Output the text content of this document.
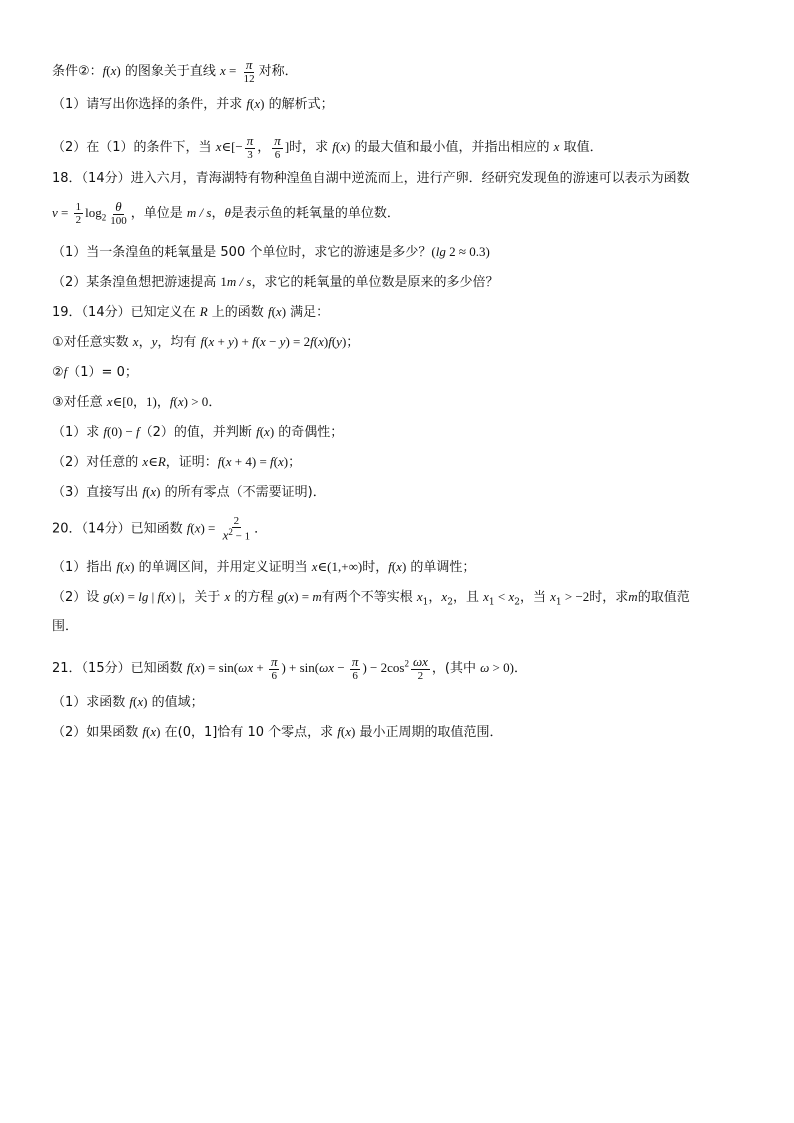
条件②：f(x) 的图象关于直线 $x = \frac{\pi}{12}$ 对称．
（1）请写出你选择的条件，并求 f(x) 的解析式；
（2）在（1）的条件下，当 x∈[− $\frac{\pi}{3}$ ， $\frac{\pi}{6}$ ]时，求 f(x) 的最大值和最小值，并指出相应的 x 取值．
18．（14分）进入六月，青海湖特有物种湟鱼自湖中逆流而上，进行产卵．经研究发现鱼的游速可以表示为函数
$v = \frac{1}{2} \log_2 \frac{\theta}{100}$ ，单位是 m / s，θ是表示鱼的耗氧量的单位数．
（1）当一条湟鱼的耗氧量是 500 个单位时，求它的游速是多少？(lg 2 ≈ 0.3)
（2）某条湟鱼想把游速提高 1m / s，求它的耗氧量的单位数是原来的多少倍？
19．（14分）已知定义在 R 上的函数 f(x) 满足：
①对任意实数 x，y，均有 f(x + y) + f(x − y) = 2f(x)f(y)；
②f（1）= 0；
③对任意 x∈[0，1)，f(x) > 0．
（1）求 f(0) − f（2）的值，并判断 f(x) 的奇偶性；
（2）对任意的 x∈R，证明：f(x + 4) = f(x)；
（3）直接写出 f(x) 的所有零点（不需要证明)．
20．（14分）已知函数 $f(x) = \frac{2}{x^2 - 1}$ ．
（1）指出 f(x) 的单调区间，并用定义证明当 x∈(1,+∞)时，f(x) 的单调性；
（2）设 g(x) = lg | f(x) |，关于 x 的方程 g(x) = m有两个不等实根 $x_1$，$x_2$，且 $x_1 < x_2$，当 $x_1 > -2$时，求m的取值范
围．
21．（15分）已知函数 $f(x) = \sin(\omega x + \frac{\pi}{6}$ ) + $\sin(\omega x - \frac{\pi}{6}$ ) − $2\cos^2 \frac{\omega x}{2}$ ，(其中 ω > 0)．
（1）求函数 f(x) 的值域；
（2）如果函数 f(x) 在(0，1]恰有 10 个零点，求 f(x) 最小正周期的取值范围．
